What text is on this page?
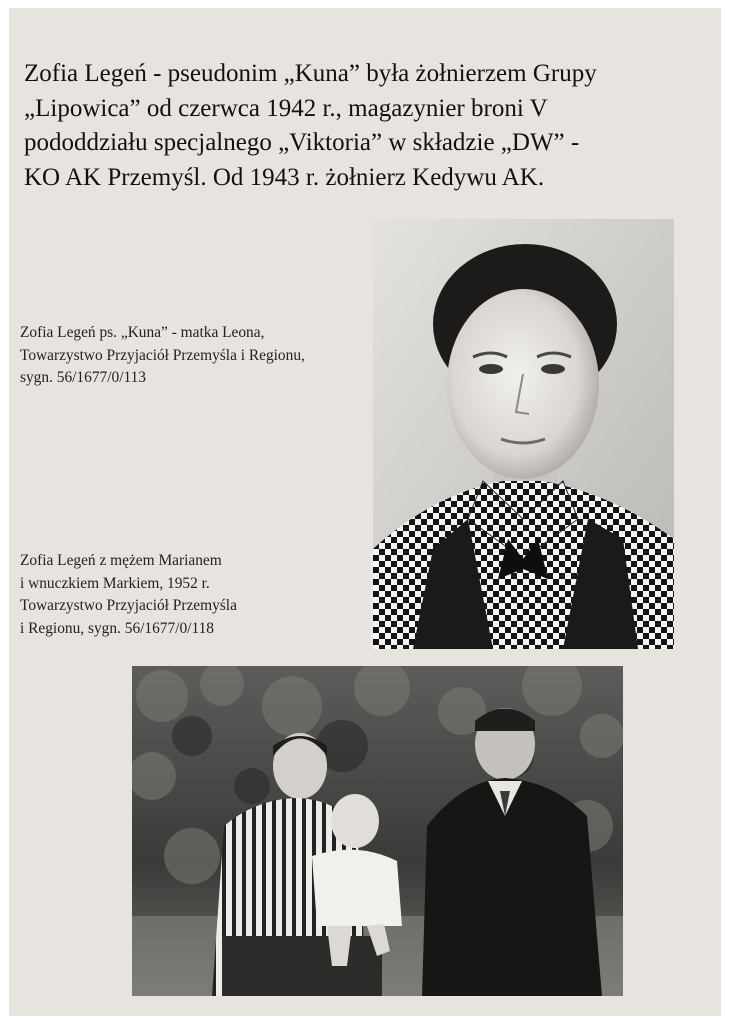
Zofia Legeń - pseudonim „Kuna” była żołnierzem Grupy
„Lipowica” od czerwca 1942 r., magazynier broni V
pododdziału specjalnego „Viktoria” w składzie „DW” -
KO AK Przemyśl. Od 1943 r. żołnierz Kedywu AK.

Zofia Legeń ps. „Kuna” - matka Leona,
Towarzystwo Przyjaciół Przemyśla i Regionu,
sygn. 56/1677/0/113

Zofia Legeń z mężem Marianem
i wnuczkiem Markiem, 1952 r.
Towarzystwo Przyjaciół Przemyśla
i Regionu, sygn. 56/1677/0/118
